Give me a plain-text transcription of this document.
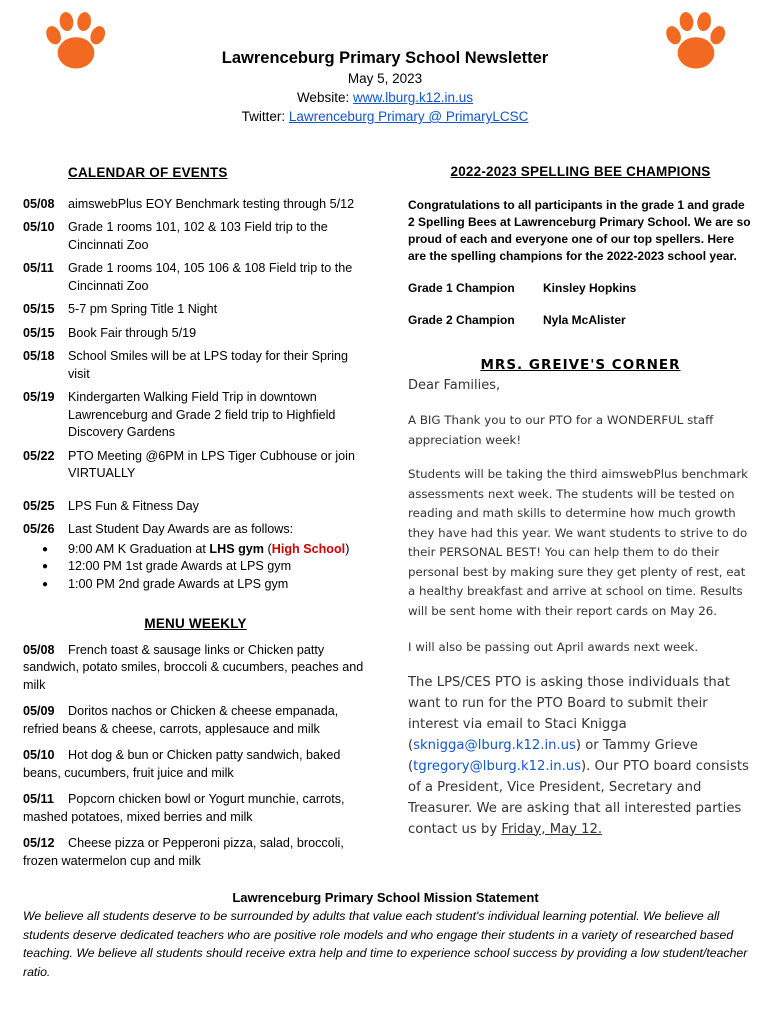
Lawrenceburg Primary School Newsletter
May 5, 2023
Website: www.lburg.k12.in.us
Twitter: Lawrenceburg Primary @ PrimaryLCSC
CALENDAR OF EVENTS
05/08	aimswebPlus EOY Benchmark testing through 5/12
05/10	Grade 1 rooms 101, 102 & 103 Field trip to the Cincinnati Zoo
05/11	Grade 1 rooms 104, 105 106 & 108 Field trip to the Cincinnati Zoo
05/15	5-7 pm Spring Title 1 Night
05/15	Book Fair through 5/19
05/18	School Smiles will be at LPS today for their Spring visit
05/19	Kindergarten Walking Field Trip in downtown Lawrenceburg and Grade 2 field trip to Highfield Discovery Gardens
05/22	PTO Meeting @6PM in LPS Tiger Cubhouse or join VIRTUALLY
05/25	LPS Fun & Fitness Day
05/26	Last Student Day Awards are as follows:
● 9:00 AM K Graduation at LHS gym (High School)
● 12:00 PM 1st grade Awards at LPS gym
● 1:00 PM 2nd grade Awards at LPS gym
MENU WEEKLY
05/08 French toast & sausage links or Chicken patty sandwich, potato smiles, broccoli & cucumbers, peaches and milk
05/09 Doritos nachos or Chicken & cheese empanada, refried beans & cheese, carrots, applesauce and milk
05/10 Hot dog & bun or Chicken patty sandwich, baked beans, cucumbers, fruit juice and milk
05/11 Popcorn chicken bowl or Yogurt munchie, carrots, mashed potatoes, mixed berries and milk
05/12 Cheese pizza or Pepperoni pizza, salad, broccoli, frozen watermelon cup and milk
2022-2023 SPELLING BEE CHAMPIONS
Congratulations to all participants in the grade 1 and grade 2 Spelling Bees at Lawrenceburg Primary School. We are so proud of each and everyone one of our top spellers. Here are the spelling champions for the 2022-2023 school year.
Grade 1 Champion	Kinsley Hopkins
Grade 2 Champion	Nyla McAlister
MRS. GREIVE'S CORNER

Dear Families,

A BIG Thank you to our PTO for a WONDERFUL staff appreciation week!

Students will be taking the third aimswebPlus benchmark assessments next week. The students will be tested on reading and math skills to determine how much growth they have had this year. We want students to strive to do their PERSONAL BEST! You can help them to do their personal best by making sure they get plenty of rest, eat a healthy breakfast and arrive at school on time. Results will be sent home with their report cards on May 26.

I will also be passing out April awards next week.

The LPS/CES PTO is asking those individuals that want to run for the PTO Board to submit their interest via email to Staci Knigga (sknigga@lburg.k12.in.us) or Tammy Grieve (tgregory@lburg.k12.in.us). Our PTO board consists of a President, Vice President, Secretary and Treasurer. We are asking that all interested parties contact us by Friday, May 12.

Lawrenceburg Primary School Mission Statement
We believe all students deserve to be surrounded by adults that value each student's individual learning potential. We believe all students deserve dedicated teachers who are positive role models and who engage their students in a variety of researched based teaching. We believe all students should receive extra help and time to experience school success by providing a low student/teacher ratio.
